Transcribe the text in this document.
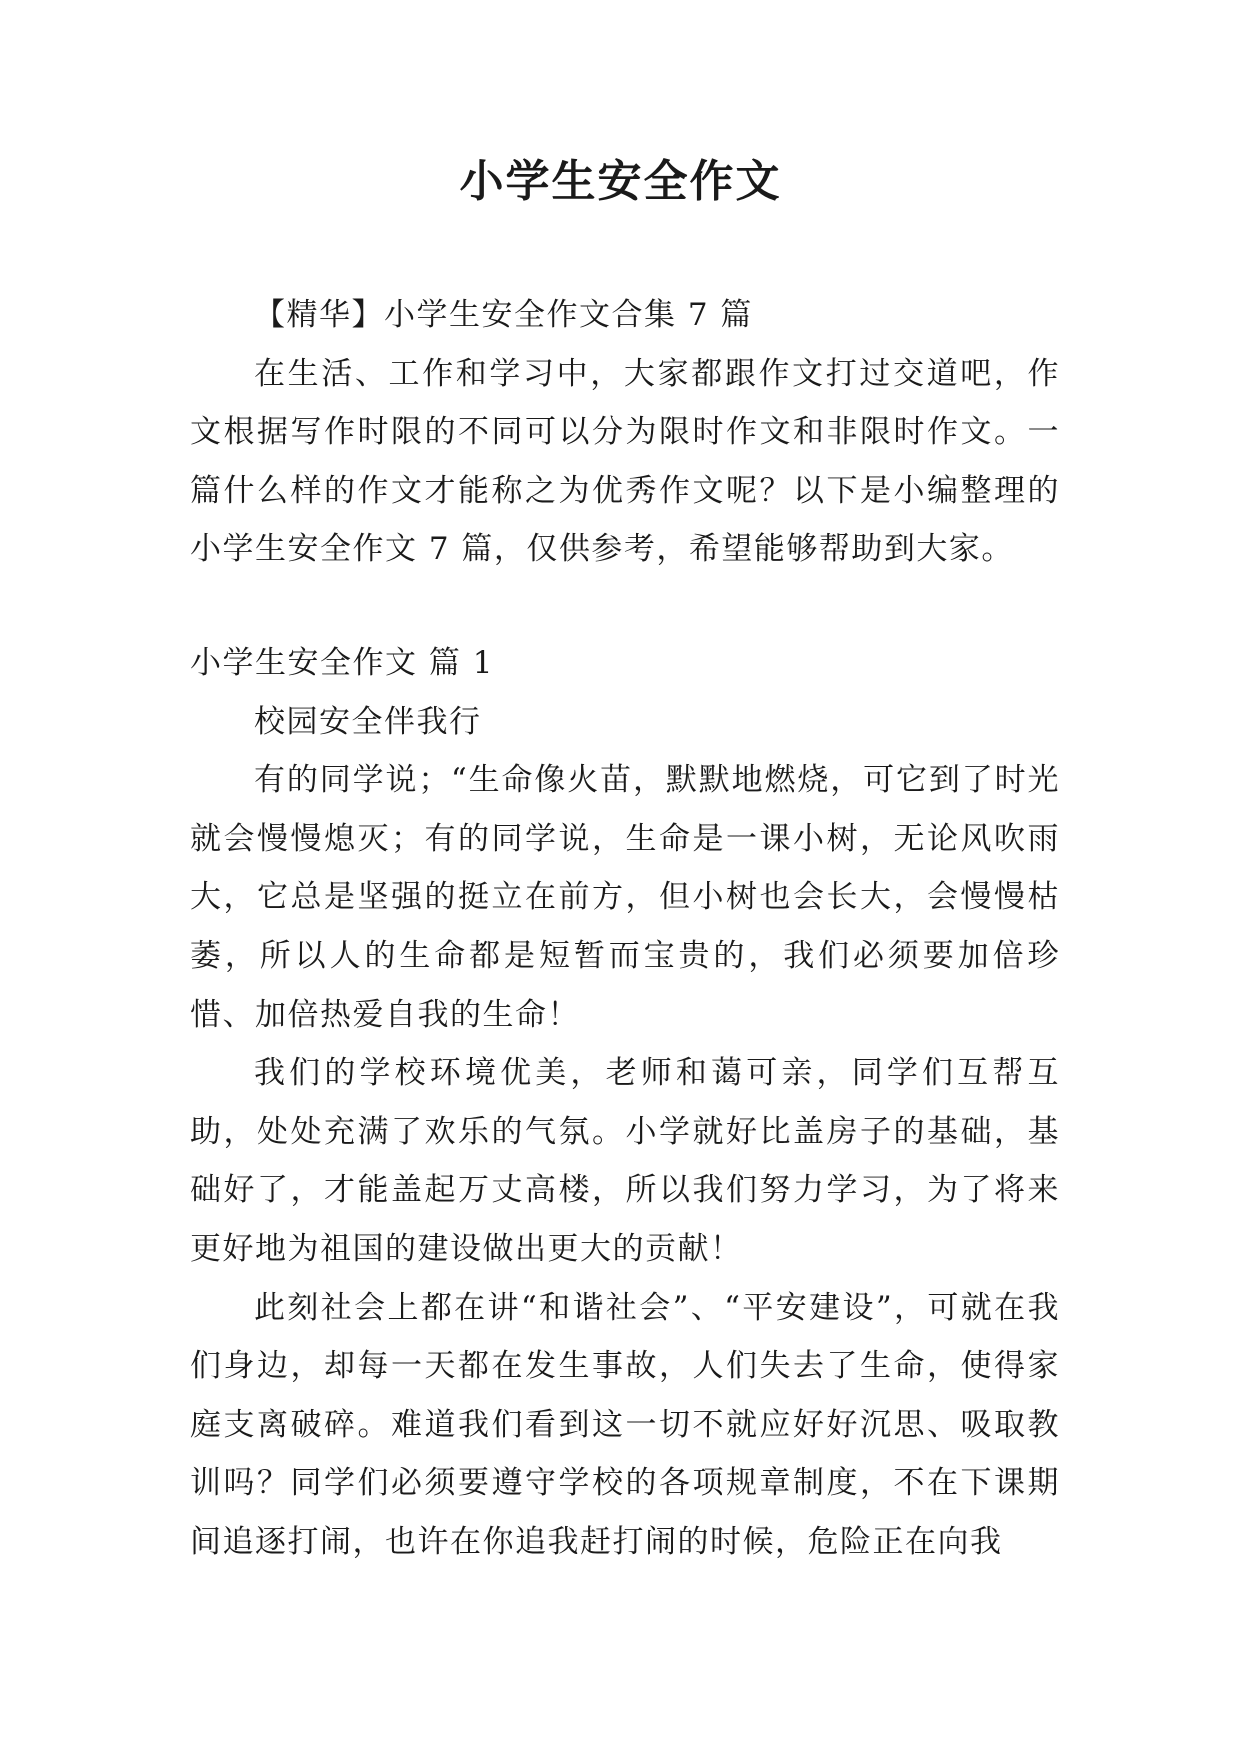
小学生安全作文

【精华】小学生安全作文合集 7 篇

在生活、工作和学习中，大家都跟作文打过交道吧，作文根据写作时限的不同可以分为限时作文和非限时作文。一篇什么样的作文才能称之为优秀作文呢？以下是小编整理的小学生安全作文 7 篇，仅供参考，希望能够帮助到大家。

小学生安全作文 篇 1

校园安全伴我行

有的同学说；“生命像火苗，默默地燃烧，可它到了时光就会慢慢熄灭；有的同学说，生命是一课小树，无论风吹雨大，它总是坚强的挺立在前方，但小树也会长大，会慢慢枯萎，所以人的生命都是短暂而宝贵的，我们必须要加倍珍惜、加倍热爱自我的生命！

我们的学校环境优美，老师和蔼可亲，同学们互帮互助，处处充满了欢乐的气氛。小学就好比盖房子的基础，基础好了，才能盖起万丈高楼，所以我们努力学习，为了将来更好地为祖国的建设做出更大的贡献！

此刻社会上都在讲“和谐社会”、“平安建设”，可就在我们身边，却每一天都在发生事故，人们失去了生命，使得家庭支离破碎。难道我们看到这一切不就应好好沉思、吸取教训吗？同学们必须要遵守学校的各项规章制度，不在下课期间追逐打闹，也许在你追我赶打闹的时候，危险正在向我
